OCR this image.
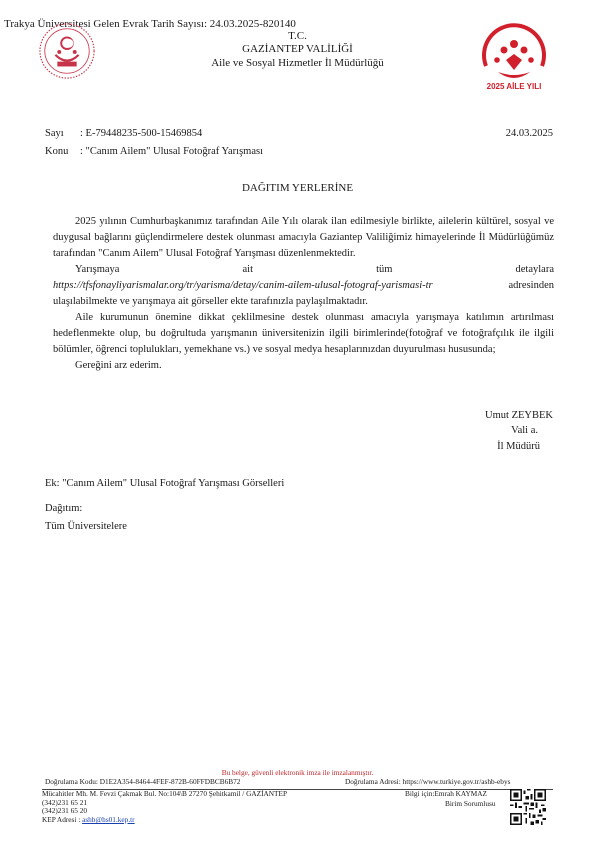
Trakya Üniversitesi Gelen Evrak Tarih Sayısı: 24.03.2025-820140
T.C.
GAZİANTEP VALİLİĞİ
Aile ve Sosyal Hizmetler İl Müdürlüğü
2025 AİLE YILI
Sayı : E-79448235-500-15469854	24.03.2025
Konu : "Canım Ailem" Ulusal Fotoğraf Yarışması
DAĞITIM YERLERİNE

2025 yılının Cumhurbaşkanımız tarafından Aile Yılı olarak ilan edilmesiyle birlikte, ailelerin kültürel, sosyal ve duygusal bağlarını güçlendirmelere destek olunması amacıyla Gaziantep Valiliğimiz himayelerinde İl Müdürlüğümüz tarafından "Canım Ailem" Ulusal Fotoğraf Yarışması düzenlenmektedir.

Yarışmaya	ait	tüm	detaylara
https://tfsfonayliyarismalar.org/tr/yarisma/detay/canim-ailem-ulusal-fotograf-yarismasi-tr	adresinden

ulaşılabilmekte ve yarışmaya ait görseller ekte tarafınızla paylaşılmaktadır.

Aile kurumunun önemine dikkat çeklilmesine destek olunması amacıyla yarışmaya katılımın artırılması hedeflenmekte olup, bu doğrultuda yarışmanın üniversitenizin ilgili birimlerinde(fotoğraf ve fotoğrafçılık ile ilgili bölümler, öğrenci toplulukları, yemekhane vs.) ve sosyal medya hesaplarınızdan duyurulması hususunda;

Gereğini arz ederim.

Umut ZEYBEK
Vali a.
İl Müdürü
Ek: "Canım Ailem" Ulusal Fotoğraf Yarışması Görselleri
Dağıtım:
Tüm Üniversitelere
Bu belge, güvenli elektronik imza ile imzalanmıştır.
Doğrulama Kodu: D1E2A354-8464-4FEF-872B-60FFDBCB6B72	Doğrulama Adresi: https://www.turkiye.gov.tr/ashb-ebys
Mücahitler Mh. M. Fevzi Çakmak Bul. No:104\B 27270 Şehitkamil / GAZİANTEP
(342)231 65 21
(342)231 65 20
KEP Adresi : ashb@hs01.kep.tr
Bilgi için:Emrah KAYMAZ
Birim Sorumlusu
